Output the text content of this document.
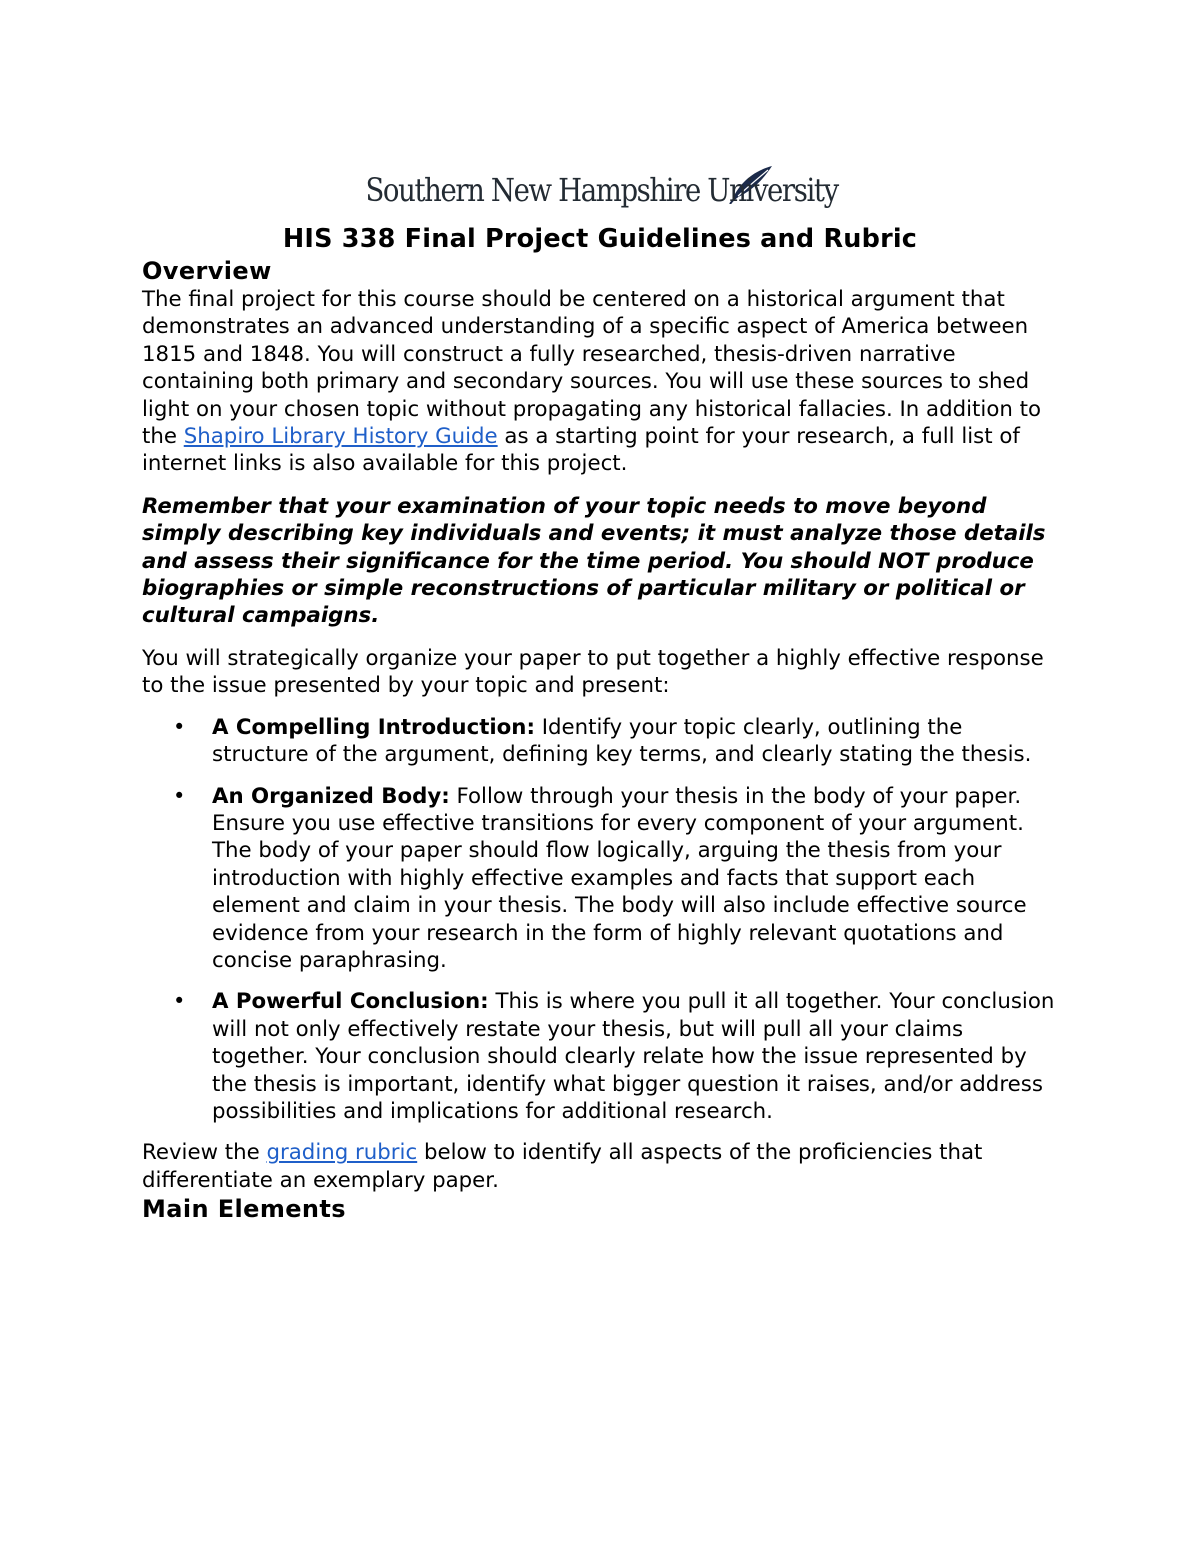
Southern New Hampshire University
HIS 338 Final Project Guidelines and Rubric
Overview

The final project for this course should be centered on a historical argument that demonstrates an advanced understanding of a specific aspect of America between 1815 and 1848. You will construct a fully researched, thesis-driven narrative containing both primary and secondary sources. You will use these sources to shed light on your chosen topic without propagating any historical fallacies. In addition to the Shapiro Library History Guide as a starting point for your research, a full list of internet links is also available for this project.

Remember that your examination of your topic needs to move beyond simply describing key individuals and events; it must analyze those details and assess their significance for the time period. You should NOT produce biographies or simple reconstructions of particular military or political or cultural campaigns.

You will strategically organize your paper to put together a highly effective response to the issue presented by your topic and present:

• A Compelling Introduction: Identify your topic clearly, outlining the structure of the argument, defining key terms, and clearly stating the thesis.
• An Organized Body: Follow through your thesis in the body of your paper. Ensure you use effective transitions for every component of your argument. The body of your paper should flow logically, arguing the thesis from your introduction with highly effective examples and facts that support each element and claim in your thesis. The body will also include effective source evidence from your research in the form of highly relevant quotations and concise paraphrasing.
• A Powerful Conclusion: This is where you pull it all together. Your conclusion will not only effectively restate your thesis, but will pull all your claims together. Your conclusion should clearly relate how the issue represented by the thesis is important, identify what bigger question it raises, and/or address possibilities and implications for additional research.

Review the grading rubric below to identify all aspects of the proficiencies that differentiate an exemplary paper.

Main Elements
